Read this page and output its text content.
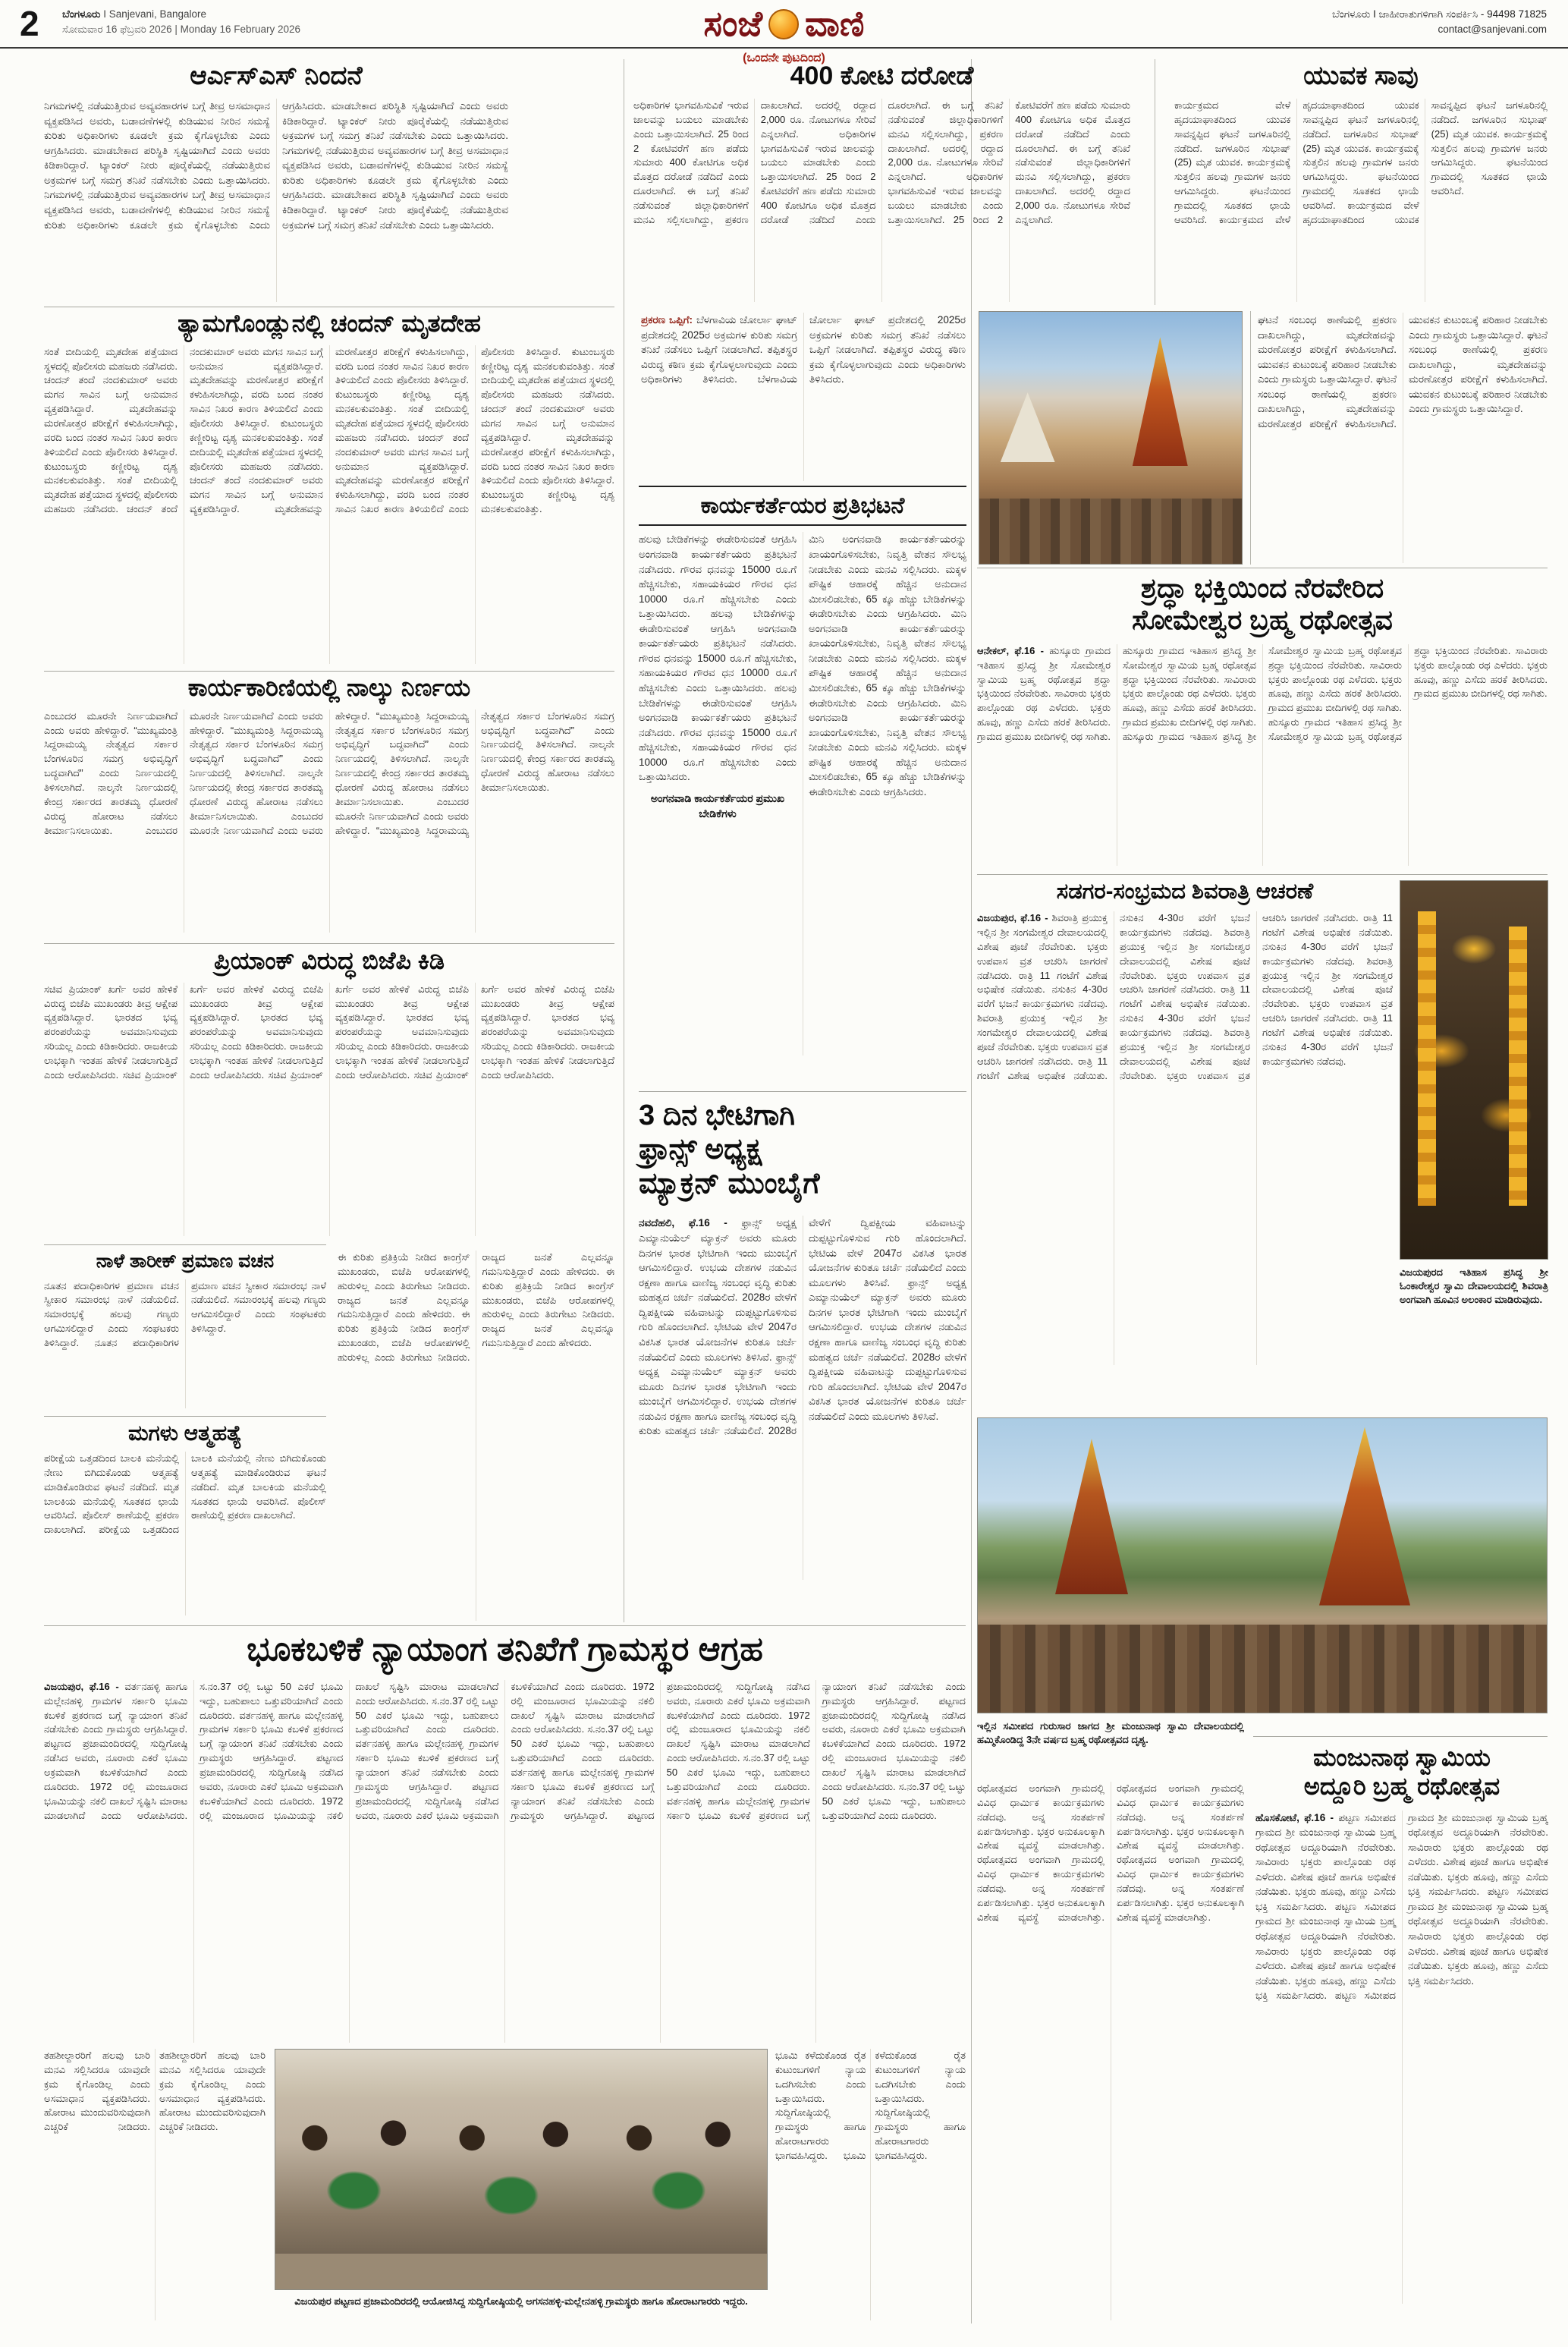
2 ಬೆಂಗಳೂರು I Sanjevani, Bangalore
ಸೋಮವಾರ 16 ಫೆಬ್ರವರಿ 2026 | Monday 16 February 2026	ಸಂಜೆ ವಾಣಿ	ಬೆಂಗಳೂರು I ಜಾಹೀರಾತುಗಳಿಗಾಗಿ ಸಂಪರ್ಕಿಸಿ - 94498 71825
contact@sanjevani.com
(ಒಂದನೇ ಪುಟದಿಂದ)
ಆರ್ಎಸ್ಎಸ್ ನಿಂದನೆ
ನಿಗಮಗಳಲ್ಲಿ ನಡೆಯುತ್ತಿರುವ ಅವ್ಯವಹಾರಗಳ ಬಗ್ಗೆ ತೀವ್ರ ಅಸಮಾಧಾನ ವ್ಯಕ್ತಪಡಿಸಿದ ಅವರು, ಬಡಾವಣೆಗಳಲ್ಲಿ ಕುಡಿಯುವ ನೀರಿನ ಸಮಸ್ಯೆ ಕುರಿತು ಅಧಿಕಾರಿಗಳು ಕೂಡಲೇ ಕ್ರಮ ಕೈಗೊಳ್ಳಬೇಕು ಎಂದು ಆಗ್ರಹಿಸಿದರು. ಮಾಡಬೇಕಾದ ಪರಿಸ್ಥಿತಿ ಸೃಷ್ಟಿಯಾಗಿದೆ ಎಂದು ಅವರು ಕಿಡಿಕಾರಿದ್ದಾರೆ. ಟ್ಯಾಂಕರ್ ನೀರು ಪೂರೈಕೆಯಲ್ಲಿ ನಡೆಯುತ್ತಿರುವ ಅಕ್ರಮಗಳ ಬಗ್ಗೆ ಸಮಗ್ರ ತನಿಖೆ ನಡೆಸಬೇಕು ಎಂದು ಒತ್ತಾಯಿಸಿದರು. ನಿಗಮಗಳಲ್ಲಿ ನಡೆಯುತ್ತಿರುವ ಅವ್ಯವಹಾರಗಳ ಬಗ್ಗೆ ತೀವ್ರ ಅಸಮಾಧಾನ ವ್ಯಕ್ತಪಡಿಸಿದ ಅವರು, ಬಡಾವಣೆಗಳಲ್ಲಿ ಕುಡಿಯುವ ನೀರಿನ ಸಮಸ್ಯೆ ಕುರಿತು ಅಧಿಕಾರಿಗಳು ಕೂಡಲೇ ಕ್ರಮ ಕೈಗೊಳ್ಳಬೇಕು ಎಂದು ಆಗ್ರಹಿಸಿದರು. ಮಾಡಬೇಕಾದ ಪರಿಸ್ಥಿತಿ ಸೃಷ್ಟಿಯಾಗಿದೆ ಎಂದು ಅವರು ಕಿಡಿಕಾರಿದ್ದಾರೆ. ಟ್ಯಾಂಕರ್ ನೀರು ಪೂರೈಕೆಯಲ್ಲಿ ನಡೆಯುತ್ತಿರುವ ಅಕ್ರಮಗಳ ಬಗ್ಗೆ ಸಮಗ್ರ ತನಿಖೆ ನಡೆಸಬೇಕು ಎಂದು ಒತ್ತಾಯಿಸಿದರು. ನಿಗಮಗಳಲ್ಲಿ ನಡೆಯುತ್ತಿರುವ ಅವ್ಯವಹಾರಗಳ ಬಗ್ಗೆ ತೀವ್ರ ಅಸಮಾಧಾನ ವ್ಯಕ್ತಪಡಿಸಿದ ಅವರು, ಬಡಾವಣೆಗಳಲ್ಲಿ ಕುಡಿಯುವ ನೀರಿನ ಸಮಸ್ಯೆ ಕುರಿತು ಅಧಿಕಾರಿಗಳು ಕೂಡಲೇ ಕ್ರಮ ಕೈಗೊಳ್ಳಬೇಕು ಎಂದು ಆಗ್ರಹಿಸಿದರು. ಮಾಡಬೇಕಾದ ಪರಿಸ್ಥಿತಿ ಸೃಷ್ಟಿಯಾಗಿದೆ ಎಂದು ಅವರು ಕಿಡಿಕಾರಿದ್ದಾರೆ. ಟ್ಯಾಂಕರ್ ನೀರು ಪೂರೈಕೆಯಲ್ಲಿ ನಡೆಯುತ್ತಿರುವ ಅಕ್ರಮಗಳ ಬಗ್ಗೆ ಸಮಗ್ರ ತನಿಖೆ ನಡೆಸಬೇಕು ಎಂದು ಒತ್ತಾಯಿಸಿದರು.
400 ಕೋಟಿ ದರೋಡೆ
ಅಧಿಕಾರಿಗಳ ಭಾಗವಹಿಸುವಿಕೆ ಇರುವ ಜಾಲವನ್ನು ಬಯಲು ಮಾಡಬೇಕು ಎಂದು ಒತ್ತಾಯಿಸಲಾಗಿದೆ. 25 ರಿಂದ 2 ಕೋಟಿವರೆಗೆ ಹಣ ಪಡೆದು ಸುಮಾರು 400 ಕೋಟಿಗೂ ಅಧಿಕ ಮೊತ್ತದ ದರೋಡೆ ನಡೆದಿದೆ ಎಂದು ದೂರಲಾಗಿದೆ. ಈ ಬಗ್ಗೆ ತನಿಖೆ ನಡೆಸುವಂತೆ ಜಿಲ್ಲಾಧಿಕಾರಿಗಳಿಗೆ ಮನವಿ ಸಲ್ಲಿಸಲಾಗಿದ್ದು, ಪ್ರಕರಣ ದಾಖಲಾಗಿದೆ. ಅದರಲ್ಲಿ ರದ್ದಾದ 2,000 ರೂ. ನೋಟುಗಳೂ ಸೇರಿವೆ ಎನ್ನಲಾಗಿದೆ. ಅಧಿಕಾರಿಗಳ ಭಾಗವಹಿಸುವಿಕೆ ಇರುವ ಜಾಲವನ್ನು ಬಯಲು ಮಾಡಬೇಕು ಎಂದು ಒತ್ತಾಯಿಸಲಾಗಿದೆ. 25 ರಿಂದ 2 ಕೋಟಿವರೆಗೆ ಹಣ ಪಡೆದು ಸುಮಾರು 400 ಕೋಟಿಗೂ ಅಧಿಕ ಮೊತ್ತದ ದರೋಡೆ ನಡೆದಿದೆ ಎಂದು ದೂರಲಾಗಿದೆ. ಈ ಬಗ್ಗೆ ತನಿಖೆ ನಡೆಸುವಂತೆ ಜಿಲ್ಲಾಧಿಕಾರಿಗಳಿಗೆ ಮನವಿ ಸಲ್ಲಿಸಲಾಗಿದ್ದು, ಪ್ರಕರಣ ದಾಖಲಾಗಿದೆ. ಅದರಲ್ಲಿ ರದ್ದಾದ 2,000 ರೂ. ನೋಟುಗಳೂ ಸೇರಿವೆ ಎನ್ನಲಾಗಿದೆ. ಅಧಿಕಾರಿಗಳ ಭಾಗವಹಿಸುವಿಕೆ ಇರುವ ಜಾಲವನ್ನು ಬಯಲು ಮಾಡಬೇಕು ಎಂದು ಒತ್ತಾಯಿಸಲಾಗಿದೆ. 25 ರಿಂದ 2 ಕೋಟಿವರೆಗೆ ಹಣ ಪಡೆದು ಸುಮಾರು 400 ಕೋಟಿಗೂ ಅಧಿಕ ಮೊತ್ತದ ದರೋಡೆ ನಡೆದಿದೆ ಎಂದು ದೂರಲಾಗಿದೆ. ಈ ಬಗ್ಗೆ ತನಿಖೆ ನಡೆಸುವಂತೆ ಜಿಲ್ಲಾಧಿಕಾರಿಗಳಿಗೆ ಮನವಿ ಸಲ್ಲಿಸಲಾಗಿದ್ದು, ಪ್ರಕರಣ ದಾಖಲಾಗಿದೆ. ಅದರಲ್ಲಿ ರದ್ದಾದ 2,000 ರೂ. ನೋಟುಗಳೂ ಸೇರಿವೆ ಎನ್ನಲಾಗಿದೆ.
ಯುವಕ ಸಾವು
ಕಾರ್ಯಕ್ರಮದ ವೇಳೆ ಹೃದಯಾಘಾತದಿಂದ ಯುವಕ ಸಾವನ್ನಪ್ಪಿದ ಘಟನೆ ಜಗಳೂರಿನಲ್ಲಿ ನಡೆದಿದೆ. ಜಗಳೂರಿನ ಸುಭಾಷ್ (25) ಮೃತ ಯುವಕ. ಕಾರ್ಯಕ್ರಮಕ್ಕೆ ಸುತ್ತಲಿನ ಹಲವು ಗ್ರಾಮಗಳ ಜನರು ಆಗಮಿಸಿದ್ದರು. ಘಟನೆಯಿಂದ ಗ್ರಾಮದಲ್ಲಿ ಸೂತಕದ ಛಾಯೆ ಆವರಿಸಿದೆ. ಕಾರ್ಯಕ್ರಮದ ವೇಳೆ ಹೃದಯಾಘಾತದಿಂದ ಯುವಕ ಸಾವನ್ನಪ್ಪಿದ ಘಟನೆ ಜಗಳೂರಿನಲ್ಲಿ ನಡೆದಿದೆ. ಜಗಳೂರಿನ ಸುಭಾಷ್ (25) ಮೃತ ಯುವಕ. ಕಾರ್ಯಕ್ರಮಕ್ಕೆ ಸುತ್ತಲಿನ ಹಲವು ಗ್ರಾಮಗಳ ಜನರು ಆಗಮಿಸಿದ್ದರು. ಘಟನೆಯಿಂದ ಗ್ರಾಮದಲ್ಲಿ ಸೂತಕದ ಛಾಯೆ ಆವರಿಸಿದೆ. ಕಾರ್ಯಕ್ರಮದ ವೇಳೆ ಹೃದಯಾಘಾತದಿಂದ ಯುವಕ ಸಾವನ್ನಪ್ಪಿದ ಘಟನೆ ಜಗಳೂರಿನಲ್ಲಿ ನಡೆದಿದೆ. ಜಗಳೂರಿನ ಸುಭಾಷ್ (25) ಮೃತ ಯುವಕ. ಕಾರ್ಯಕ್ರಮಕ್ಕೆ ಸುತ್ತಲಿನ ಹಲವು ಗ್ರಾಮಗಳ ಜನರು ಆಗಮಿಸಿದ್ದರು. ಘಟನೆಯಿಂದ ಗ್ರಾಮದಲ್ಲಿ ಸೂತಕದ ಛಾಯೆ ಆವರಿಸಿದೆ.
ಪ್ರಕರಣ ಒಪ್ಪಿಗೆ: ಬೆಳಗಾವಿಯ ಚೋರ್ಲಾ ಘಾಟ್ ಪ್ರದೇಶದಲ್ಲಿ 2025ರ ಅಕ್ರಮಗಳ ಕುರಿತು ಸಮಗ್ರ ತನಿಖೆ ನಡೆಸಲು ಒಪ್ಪಿಗೆ ನೀಡಲಾಗಿದೆ. ತಪ್ಪಿತಸ್ಥರ ವಿರುದ್ಧ ಕಠಿಣ ಕ್ರಮ ಕೈಗೊಳ್ಳಲಾಗುವುದು ಎಂದು ಅಧಿಕಾರಿಗಳು ತಿಳಿಸಿದರು. ಬೆಳಗಾವಿಯ ಚೋರ್ಲಾ ಘಾಟ್ ಪ್ರದೇಶದಲ್ಲಿ 2025ರ ಅಕ್ರಮಗಳ ಕುರಿತು ಸಮಗ್ರ ತನಿಖೆ ನಡೆಸಲು ಒಪ್ಪಿಗೆ ನೀಡಲಾಗಿದೆ. ತಪ್ಪಿತಸ್ಥರ ವಿರುದ್ಧ ಕಠಿಣ ಕ್ರಮ ಕೈಗೊಳ್ಳಲಾಗುವುದು ಎಂದು ಅಧಿಕಾರಿಗಳು ತಿಳಿಸಿದರು.
ಘಟನೆ ಸಂಬಂಧ ಠಾಣೆಯಲ್ಲಿ ಪ್ರಕರಣ ದಾಖಲಾಗಿದ್ದು, ಮೃತದೇಹವನ್ನು ಮರಣೋತ್ತರ ಪರೀಕ್ಷೆಗೆ ಕಳುಹಿಸಲಾಗಿದೆ. ಯುವಕನ ಕುಟುಂಬಕ್ಕೆ ಪರಿಹಾರ ನೀಡಬೇಕು ಎಂದು ಗ್ರಾಮಸ್ಥರು ಒತ್ತಾಯಿಸಿದ್ದಾರೆ. ಘಟನೆ ಸಂಬಂಧ ಠಾಣೆಯಲ್ಲಿ ಪ್ರಕರಣ ದಾಖಲಾಗಿದ್ದು, ಮೃತದೇಹವನ್ನು ಮರಣೋತ್ತರ ಪರೀಕ್ಷೆಗೆ ಕಳುಹಿಸಲಾಗಿದೆ. ಯುವಕನ ಕುಟುಂಬಕ್ಕೆ ಪರಿಹಾರ ನೀಡಬೇಕು ಎಂದು ಗ್ರಾಮಸ್ಥರು ಒತ್ತಾಯಿಸಿದ್ದಾರೆ. ಘಟನೆ ಸಂಬಂಧ ಠಾಣೆಯಲ್ಲಿ ಪ್ರಕರಣ ದಾಖಲಾಗಿದ್ದು, ಮೃತದೇಹವನ್ನು ಮರಣೋತ್ತರ ಪರೀಕ್ಷೆಗೆ ಕಳುಹಿಸಲಾಗಿದೆ. ಯುವಕನ ಕುಟುಂಬಕ್ಕೆ ಪರಿಹಾರ ನೀಡಬೇಕು ಎಂದು ಗ್ರಾಮಸ್ಥರು ಒತ್ತಾಯಿಸಿದ್ದಾರೆ.
ತ್ಯಾಮಗೊಂಡ್ಲುನಲ್ಲಿ ಚಂದನ್ ಮೃತದೇಹ
ಸಂತೆ ಬೀದಿಯಲ್ಲಿ ಮೃತದೇಹ ಪತ್ತೆಯಾದ ಸ್ಥಳದಲ್ಲಿ ಪೊಲೀಸರು ಮಹಜರು ನಡೆಸಿದರು. ಚಂದನ್ ತಂದೆ ನಂದಕುಮಾರ್ ಅವರು ಮಗನ ಸಾವಿನ ಬಗ್ಗೆ ಅನುಮಾನ ವ್ಯಕ್ತಪಡಿಸಿದ್ದಾರೆ. ಮೃತದೇಹವನ್ನು ಮರಣೋತ್ತರ ಪರೀಕ್ಷೆಗೆ ಕಳುಹಿಸಲಾಗಿದ್ದು, ವರದಿ ಬಂದ ನಂತರ ಸಾವಿನ ನಿಖರ ಕಾರಣ ತಿಳಿಯಲಿದೆ ಎಂದು ಪೊಲೀಸರು ತಿಳಿಸಿದ್ದಾರೆ. ಕುಟುಂಬಸ್ಥರು ಕಣ್ಣೀರಿಟ್ಟ ದೃಶ್ಯ ಮನಕಲಕುವಂತಿತ್ತು. ಸಂತೆ ಬೀದಿಯಲ್ಲಿ ಮೃತದೇಹ ಪತ್ತೆಯಾದ ಸ್ಥಳದಲ್ಲಿ ಪೊಲೀಸರು ಮಹಜರು ನಡೆಸಿದರು. ಚಂದನ್ ತಂದೆ ನಂದಕುಮಾರ್ ಅವರು ಮಗನ ಸಾವಿನ ಬಗ್ಗೆ ಅನುಮಾನ ವ್ಯಕ್ತಪಡಿಸಿದ್ದಾರೆ. ಮೃತದೇಹವನ್ನು ಮರಣೋತ್ತರ ಪರೀಕ್ಷೆಗೆ ಕಳುಹಿಸಲಾಗಿದ್ದು, ವರದಿ ಬಂದ ನಂತರ ಸಾವಿನ ನಿಖರ ಕಾರಣ ತಿಳಿಯಲಿದೆ ಎಂದು ಪೊಲೀಸರು ತಿಳಿಸಿದ್ದಾರೆ. ಕುಟುಂಬಸ್ಥರು ಕಣ್ಣೀರಿಟ್ಟ ದೃಶ್ಯ ಮನಕಲಕುವಂತಿತ್ತು. ಸಂತೆ ಬೀದಿಯಲ್ಲಿ ಮೃತದೇಹ ಪತ್ತೆಯಾದ ಸ್ಥಳದಲ್ಲಿ ಪೊಲೀಸರು ಮಹಜರು ನಡೆಸಿದರು. ಚಂದನ್ ತಂದೆ ನಂದಕುಮಾರ್ ಅವರು ಮಗನ ಸಾವಿನ ಬಗ್ಗೆ ಅನುಮಾನ ವ್ಯಕ್ತಪಡಿಸಿದ್ದಾರೆ. ಮೃತದೇಹವನ್ನು ಮರಣೋತ್ತರ ಪರೀಕ್ಷೆಗೆ ಕಳುಹಿಸಲಾಗಿದ್ದು, ವರದಿ ಬಂದ ನಂತರ ಸಾವಿನ ನಿಖರ ಕಾರಣ ತಿಳಿಯಲಿದೆ ಎಂದು ಪೊಲೀಸರು ತಿಳಿಸಿದ್ದಾರೆ. ಕುಟುಂಬಸ್ಥರು ಕಣ್ಣೀರಿಟ್ಟ ದೃಶ್ಯ ಮನಕಲಕುವಂತಿತ್ತು. ಸಂತೆ ಬೀದಿಯಲ್ಲಿ ಮೃತದೇಹ ಪತ್ತೆಯಾದ ಸ್ಥಳದಲ್ಲಿ ಪೊಲೀಸರು ಮಹಜರು ನಡೆಸಿದರು. ಚಂದನ್ ತಂದೆ ನಂದಕುಮಾರ್ ಅವರು ಮಗನ ಸಾವಿನ ಬಗ್ಗೆ ಅನುಮಾನ ವ್ಯಕ್ತಪಡಿಸಿದ್ದಾರೆ. ಮೃತದೇಹವನ್ನು ಮರಣೋತ್ತರ ಪರೀಕ್ಷೆಗೆ ಕಳುಹಿಸಲಾಗಿದ್ದು, ವರದಿ ಬಂದ ನಂತರ ಸಾವಿನ ನಿಖರ ಕಾರಣ ತಿಳಿಯಲಿದೆ ಎಂದು ಪೊಲೀಸರು ತಿಳಿಸಿದ್ದಾರೆ. ಕುಟುಂಬಸ್ಥರು ಕಣ್ಣೀರಿಟ್ಟ ದೃಶ್ಯ ಮನಕಲಕುವಂತಿತ್ತು. ಸಂತೆ ಬೀದಿಯಲ್ಲಿ ಮೃತದೇಹ ಪತ್ತೆಯಾದ ಸ್ಥಳದಲ್ಲಿ ಪೊಲೀಸರು ಮಹಜರು ನಡೆಸಿದರು. ಚಂದನ್ ತಂದೆ ನಂದಕುಮಾರ್ ಅವರು ಮಗನ ಸಾವಿನ ಬಗ್ಗೆ ಅನುಮಾನ ವ್ಯಕ್ತಪಡಿಸಿದ್ದಾರೆ. ಮೃತದೇಹವನ್ನು ಮರಣೋತ್ತರ ಪರೀಕ್ಷೆಗೆ ಕಳುಹಿಸಲಾಗಿದ್ದು, ವರದಿ ಬಂದ ನಂತರ ಸಾವಿನ ನಿಖರ ಕಾರಣ ತಿಳಿಯಲಿದೆ ಎಂದು ಪೊಲೀಸರು ತಿಳಿಸಿದ್ದಾರೆ. ಕುಟುಂಬಸ್ಥರು ಕಣ್ಣೀರಿಟ್ಟ ದೃಶ್ಯ ಮನಕಲಕುವಂತಿತ್ತು.	ಕಾರ್ಯಕರ್ತೆಯರ ಪ್ರತಿಭಟನೆ
ಹಲವು ಬೇಡಿಕೆಗಳನ್ನು ಈಡೇರಿಸುವಂತೆ ಆಗ್ರಹಿಸಿ ಅಂಗನವಾಡಿ ಕಾರ್ಯಕರ್ತೆಯರು ಪ್ರತಿಭಟನೆ ನಡೆಸಿದರು. ಗೌರವ ಧನವನ್ನು 15000 ರೂ.ಗೆ ಹೆಚ್ಚಿಸಬೇಕು, ಸಹಾಯಕಿಯರ ಗೌರವ ಧನ 10000 ರೂ.ಗೆ ಹೆಚ್ಚಿಸಬೇಕು ಎಂದು ಒತ್ತಾಯಿಸಿದರು. ಹಲವು ಬೇಡಿಕೆಗಳನ್ನು ಈಡೇರಿಸುವಂತೆ ಆಗ್ರಹಿಸಿ ಅಂಗನವಾಡಿ ಕಾರ್ಯಕರ್ತೆಯರು ಪ್ರತಿಭಟನೆ ನಡೆಸಿದರು. ಗೌರವ ಧನವನ್ನು 15000 ರೂ.ಗೆ ಹೆಚ್ಚಿಸಬೇಕು, ಸಹಾಯಕಿಯರ ಗೌರವ ಧನ 10000 ರೂ.ಗೆ ಹೆಚ್ಚಿಸಬೇಕು ಎಂದು ಒತ್ತಾಯಿಸಿದರು. ಹಲವು ಬೇಡಿಕೆಗಳನ್ನು ಈಡೇರಿಸುವಂತೆ ಆಗ್ರಹಿಸಿ ಅಂಗನವಾಡಿ ಕಾರ್ಯಕರ್ತೆಯರು ಪ್ರತಿಭಟನೆ ನಡೆಸಿದರು. ಗೌರವ ಧನವನ್ನು 15000 ರೂ.ಗೆ ಹೆಚ್ಚಿಸಬೇಕು, ಸಹಾಯಕಿಯರ ಗೌರವ ಧನ 10000 ರೂ.ಗೆ ಹೆಚ್ಚಿಸಬೇಕು ಎಂದು ಒತ್ತಾಯಿಸಿದರು.
ಅಂಗನವಾಡಿ ಕಾರ್ಯಕರ್ತೆಯರ ಪ್ರಮುಖ ಬೇಡಿಕೆಗಳು
ಮಿನಿ ಅಂಗನವಾಡಿ ಕಾರ್ಯಕರ್ತೆಯರನ್ನು ಖಾಯಂಗೊಳಿಸಬೇಕು, ನಿವೃತ್ತಿ ವೇತನ ಸೌಲಭ್ಯ ನೀಡಬೇಕು ಎಂದು ಮನವಿ ಸಲ್ಲಿಸಿದರು. ಮಕ್ಕಳ ಪೌಷ್ಟಿಕ ಆಹಾರಕ್ಕೆ ಹೆಚ್ಚಿನ ಅನುದಾನ ಮೀಸಲಿಡಬೇಕು, 65 ಕ್ಕೂ ಹೆಚ್ಚು ಬೇಡಿಕೆಗಳನ್ನು ಈಡೇರಿಸಬೇಕು ಎಂದು ಆಗ್ರಹಿಸಿದರು. ಮಿನಿ ಅಂಗನವಾಡಿ ಕಾರ್ಯಕರ್ತೆಯರನ್ನು ಖಾಯಂಗೊಳಿಸಬೇಕು, ನಿವೃತ್ತಿ ವೇತನ ಸೌಲಭ್ಯ ನೀಡಬೇಕು ಎಂದು ಮನವಿ ಸಲ್ಲಿಸಿದರು. ಮಕ್ಕಳ ಪೌಷ್ಟಿಕ ಆಹಾರಕ್ಕೆ ಹೆಚ್ಚಿನ ಅನುದಾನ ಮೀಸಲಿಡಬೇಕು, 65 ಕ್ಕೂ ಹೆಚ್ಚು ಬೇಡಿಕೆಗಳನ್ನು ಈಡೇರಿಸಬೇಕು ಎಂದು ಆಗ್ರಹಿಸಿದರು. ಮಿನಿ ಅಂಗನವಾಡಿ ಕಾರ್ಯಕರ್ತೆಯರನ್ನು ಖಾಯಂಗೊಳಿಸಬೇಕು, ನಿವೃತ್ತಿ ವೇತನ ಸೌಲಭ್ಯ ನೀಡಬೇಕು ಎಂದು ಮನವಿ ಸಲ್ಲಿಸಿದರು. ಮಕ್ಕಳ ಪೌಷ್ಟಿಕ ಆಹಾರಕ್ಕೆ ಹೆಚ್ಚಿನ ಅನುದಾನ ಮೀಸಲಿಡಬೇಕು, 65 ಕ್ಕೂ ಹೆಚ್ಚು ಬೇಡಿಕೆಗಳನ್ನು ಈಡೇರಿಸಬೇಕು ಎಂದು ಆಗ್ರಹಿಸಿದರು.
ಶ್ರದ್ಧಾ ಭಕ್ತಿಯಿಂದ ನೆರವೇರಿದ
ಸೋಮೇಶ್ವರ ಬ್ರಹ್ಮ ರಥೋತ್ಸವ
ಆನೇಕಲ್, ಫೆ.16 - ಹುಸ್ಕೂರು ಗ್ರಾಮದ ಇತಿಹಾಸ ಪ್ರಸಿದ್ಧ ಶ್ರೀ ಸೋಮೇಶ್ವರ ಸ್ವಾಮಿಯ ಬ್ರಹ್ಮ ರಥೋತ್ಸವ ಶ್ರದ್ಧಾ ಭಕ್ತಿಯಿಂದ ನೆರವೇರಿತು. ಸಾವಿರಾರು ಭಕ್ತರು ಪಾಲ್ಗೊಂಡು ರಥ ಎಳೆದರು. ಭಕ್ತರು ಹೂವು, ಹಣ್ಣು ಎಸೆದು ಹರಕೆ ತೀರಿಸಿದರು. ಗ್ರಾಮದ ಪ್ರಮುಖ ಬೀದಿಗಳಲ್ಲಿ ರಥ ಸಾಗಿತು. ಹುಸ್ಕೂರು ಗ್ರಾಮದ ಇತಿಹಾಸ ಪ್ರಸಿದ್ಧ ಶ್ರೀ ಸೋಮೇಶ್ವರ ಸ್ವಾಮಿಯ ಬ್ರಹ್ಮ ರಥೋತ್ಸವ ಶ್ರದ್ಧಾ ಭಕ್ತಿಯಿಂದ ನೆರವೇರಿತು. ಸಾವಿರಾರು ಭಕ್ತರು ಪಾಲ್ಗೊಂಡು ರಥ ಎಳೆದರು. ಭಕ್ತರು ಹೂವು, ಹಣ್ಣು ಎಸೆದು ಹರಕೆ ತೀರಿಸಿದರು. ಗ್ರಾಮದ ಪ್ರಮುಖ ಬೀದಿಗಳಲ್ಲಿ ರಥ ಸಾಗಿತು. ಹುಸ್ಕೂರು ಗ್ರಾಮದ ಇತಿಹಾಸ ಪ್ರಸಿದ್ಧ ಶ್ರೀ ಸೋಮೇಶ್ವರ ಸ್ವಾಮಿಯ ಬ್ರಹ್ಮ ರಥೋತ್ಸವ ಶ್ರದ್ಧಾ ಭಕ್ತಿಯಿಂದ ನೆರವೇರಿತು. ಸಾವಿರಾರು ಭಕ್ತರು ಪಾಲ್ಗೊಂಡು ರಥ ಎಳೆದರು. ಭಕ್ತರು ಹೂವು, ಹಣ್ಣು ಎಸೆದು ಹರಕೆ ತೀರಿಸಿದರು. ಗ್ರಾಮದ ಪ್ರಮುಖ ಬೀದಿಗಳಲ್ಲಿ ರಥ ಸಾಗಿತು. ಹುಸ್ಕೂರು ಗ್ರಾಮದ ಇತಿಹಾಸ ಪ್ರಸಿದ್ಧ ಶ್ರೀ ಸೋಮೇಶ್ವರ ಸ್ವಾಮಿಯ ಬ್ರಹ್ಮ ರಥೋತ್ಸವ ಶ್ರದ್ಧಾ ಭಕ್ತಿಯಿಂದ ನೆರವೇರಿತು. ಸಾವಿರಾರು ಭಕ್ತರು ಪಾಲ್ಗೊಂಡು ರಥ ಎಳೆದರು. ಭಕ್ತರು ಹೂವು, ಹಣ್ಣು ಎಸೆದು ಹರಕೆ ತೀರಿಸಿದರು. ಗ್ರಾಮದ ಪ್ರಮುಖ ಬೀದಿಗಳಲ್ಲಿ ರಥ ಸಾಗಿತು.
ಕಾರ್ಯಕಾರಿಣಿಯಲ್ಲಿ ನಾಲ್ಕು ನಿರ್ಣಯ
ಎಂಬುದರ ಮೂರನೇ ನಿರ್ಣಯವಾಗಿದೆ ಎಂದು ಅವರು ಹೇಳಿದ್ದಾರೆ. “ಮುಖ್ಯಮಂತ್ರಿ ಸಿದ್ದರಾಮಯ್ಯ ನೇತೃತ್ವದ ಸರ್ಕಾರ ಬೆಂಗಳೂರಿನ ಸಮಗ್ರ ಅಭಿವೃದ್ಧಿಗೆ ಬದ್ಧವಾಗಿದೆ” ಎಂದು ನಿರ್ಣಯದಲ್ಲಿ ತಿಳಿಸಲಾಗಿದೆ. ನಾಲ್ಕನೇ ನಿರ್ಣಯದಲ್ಲಿ ಕೇಂದ್ರ ಸರ್ಕಾರದ ತಾರತಮ್ಯ ಧೋರಣೆ ವಿರುದ್ಧ ಹೋರಾಟ ನಡೆಸಲು ತೀರ್ಮಾನಿಸಲಾಯಿತು. ಎಂಬುದರ ಮೂರನೇ ನಿರ್ಣಯವಾಗಿದೆ ಎಂದು ಅವರು ಹೇಳಿದ್ದಾರೆ. “ಮುಖ್ಯಮಂತ್ರಿ ಸಿದ್ದರಾಮಯ್ಯ ನೇತೃತ್ವದ ಸರ್ಕಾರ ಬೆಂಗಳೂರಿನ ಸಮಗ್ರ ಅಭಿವೃದ್ಧಿಗೆ ಬದ್ಧವಾಗಿದೆ” ಎಂದು ನಿರ್ಣಯದಲ್ಲಿ ತಿಳಿಸಲಾಗಿದೆ. ನಾಲ್ಕನೇ ನಿರ್ಣಯದಲ್ಲಿ ಕೇಂದ್ರ ಸರ್ಕಾರದ ತಾರತಮ್ಯ ಧೋರಣೆ ವಿರುದ್ಧ ಹೋರಾಟ ನಡೆಸಲು ತೀರ್ಮಾನಿಸಲಾಯಿತು. ಎಂಬುದರ ಮೂರನೇ ನಿರ್ಣಯವಾಗಿದೆ ಎಂದು ಅವರು ಹೇಳಿದ್ದಾರೆ. “ಮುಖ್ಯಮಂತ್ರಿ ಸಿದ್ದರಾಮಯ್ಯ ನೇತೃತ್ವದ ಸರ್ಕಾರ ಬೆಂಗಳೂರಿನ ಸಮಗ್ರ ಅಭಿವೃದ್ಧಿಗೆ ಬದ್ಧವಾಗಿದೆ” ಎಂದು ನಿರ್ಣಯದಲ್ಲಿ ತಿಳಿಸಲಾಗಿದೆ. ನಾಲ್ಕನೇ ನಿರ್ಣಯದಲ್ಲಿ ಕೇಂದ್ರ ಸರ್ಕಾರದ ತಾರತಮ್ಯ ಧೋರಣೆ ವಿರುದ್ಧ ಹೋರಾಟ ನಡೆಸಲು ತೀರ್ಮಾನಿಸಲಾಯಿತು. ಎಂಬುದರ ಮೂರನೇ ನಿರ್ಣಯವಾಗಿದೆ ಎಂದು ಅವರು ಹೇಳಿದ್ದಾರೆ. “ಮುಖ್ಯಮಂತ್ರಿ ಸಿದ್ದರಾಮಯ್ಯ ನೇತೃತ್ವದ ಸರ್ಕಾರ ಬೆಂಗಳೂರಿನ ಸಮಗ್ರ ಅಭಿವೃದ್ಧಿಗೆ ಬದ್ಧವಾಗಿದೆ” ಎಂದು ನಿರ್ಣಯದಲ್ಲಿ ತಿಳಿಸಲಾಗಿದೆ. ನಾಲ್ಕನೇ ನಿರ್ಣಯದಲ್ಲಿ ಕೇಂದ್ರ ಸರ್ಕಾರದ ತಾರತಮ್ಯ ಧೋರಣೆ ವಿರುದ್ಧ ಹೋರಾಟ ನಡೆಸಲು ತೀರ್ಮಾನಿಸಲಾಯಿತು.
ಸಡಗರ-ಸಂಭ್ರಮದ ಶಿವರಾತ್ರಿ ಆಚರಣೆ
ವಿಜಯಪುರ, ಫೆ.16 - ಶಿವರಾತ್ರಿ ಪ್ರಯುಕ್ತ ಇಲ್ಲಿನ ಶ್ರೀ ಸಂಗಮೇಶ್ವರ ದೇವಾಲಯದಲ್ಲಿ ವಿಶೇಷ ಪೂಜೆ ನೆರವೇರಿತು. ಭಕ್ತರು ಉಪವಾಸ ವ್ರತ ಆಚರಿಸಿ ಜಾಗರಣೆ ನಡೆಸಿದರು. ರಾತ್ರಿ 11 ಗಂಟೆಗೆ ವಿಶೇಷ ಅಭಿಷೇಕ ನಡೆಯಿತು. ನಸುಕಿನ 4-30ರ ವರೆಗೆ ಭಜನೆ ಕಾರ್ಯಕ್ರಮಗಳು ನಡೆದವು. ಶಿವರಾತ್ರಿ ಪ್ರಯುಕ್ತ ಇಲ್ಲಿನ ಶ್ರೀ ಸಂಗಮೇಶ್ವರ ದೇವಾಲಯದಲ್ಲಿ ವಿಶೇಷ ಪೂಜೆ ನೆರವೇರಿತು. ಭಕ್ತರು ಉಪವಾಸ ವ್ರತ ಆಚರಿಸಿ ಜಾಗರಣೆ ನಡೆಸಿದರು. ರಾತ್ರಿ 11 ಗಂಟೆಗೆ ವಿಶೇಷ ಅಭಿಷೇಕ ನಡೆಯಿತು. ನಸುಕಿನ 4-30ರ ವರೆಗೆ ಭಜನೆ ಕಾರ್ಯಕ್ರಮಗಳು ನಡೆದವು. ಶಿವರಾತ್ರಿ ಪ್ರಯುಕ್ತ ಇಲ್ಲಿನ ಶ್ರೀ ಸಂಗಮೇಶ್ವರ ದೇವಾಲಯದಲ್ಲಿ ವಿಶೇಷ ಪೂಜೆ ನೆರವೇರಿತು. ಭಕ್ತರು ಉಪವಾಸ ವ್ರತ ಆಚರಿಸಿ ಜಾಗರಣೆ ನಡೆಸಿದರು. ರಾತ್ರಿ 11 ಗಂಟೆಗೆ ವಿಶೇಷ ಅಭಿಷೇಕ ನಡೆಯಿತು. ನಸುಕಿನ 4-30ರ ವರೆಗೆ ಭಜನೆ ಕಾರ್ಯಕ್ರಮಗಳು ನಡೆದವು. ಶಿವರಾತ್ರಿ ಪ್ರಯುಕ್ತ ಇಲ್ಲಿನ ಶ್ರೀ ಸಂಗಮೇಶ್ವರ ದೇವಾಲಯದಲ್ಲಿ ವಿಶೇಷ ಪೂಜೆ ನೆರವೇರಿತು. ಭಕ್ತರು ಉಪವಾಸ ವ್ರತ ಆಚರಿಸಿ ಜಾಗರಣೆ ನಡೆಸಿದರು. ರಾತ್ರಿ 11 ಗಂಟೆಗೆ ವಿಶೇಷ ಅಭಿಷೇಕ ನಡೆಯಿತು. ನಸುಕಿನ 4-30ರ ವರೆಗೆ ಭಜನೆ ಕಾರ್ಯಕ್ರಮಗಳು ನಡೆದವು. ಶಿವರಾತ್ರಿ ಪ್ರಯುಕ್ತ ಇಲ್ಲಿನ ಶ್ರೀ ಸಂಗಮೇಶ್ವರ ದೇವಾಲಯದಲ್ಲಿ ವಿಶೇಷ ಪೂಜೆ ನೆರವೇರಿತು. ಭಕ್ತರು ಉಪವಾಸ ವ್ರತ ಆಚರಿಸಿ ಜಾಗರಣೆ ನಡೆಸಿದರು. ರಾತ್ರಿ 11 ಗಂಟೆಗೆ ವಿಶೇಷ ಅಭಿಷೇಕ ನಡೆಯಿತು. ನಸುಕಿನ 4-30ರ ವರೆಗೆ ಭಜನೆ ಕಾರ್ಯಕ್ರಮಗಳು ನಡೆದವು.
ವಿಜಯಪುರದ ಇತಿಹಾಸ ಪ್ರಸಿದ್ಧ ಶ್ರೀ ಓಂಕಾರೇಶ್ವರ ಸ್ವಾಮಿ ದೇವಾಲಯದಲ್ಲಿ ಶಿವರಾತ್ರಿ ಅಂಗವಾಗಿ ಹೂವಿನ ಅಲಂಕಾರ ಮಾಡಿರುವುದು.
ಪ್ರಿಯಾಂಕ್ ವಿರುದ್ಧ ಬಿಜೆಪಿ ಕಿಡಿ
ಸಚಿವ ಪ್ರಿಯಾಂಕ್ ಖರ್ಗೆ ಅವರ ಹೇಳಿಕೆ ವಿರುದ್ಧ ಬಿಜೆಪಿ ಮುಖಂಡರು ತೀವ್ರ ಆಕ್ಷೇಪ ವ್ಯಕ್ತಪಡಿಸಿದ್ದಾರೆ. ಭಾರತದ ಭವ್ಯ ಪರಂಪರೆಯನ್ನು ಅವಮಾನಿಸುವುದು ಸರಿಯಲ್ಲ ಎಂದು ಕಿಡಿಕಾರಿದರು. ರಾಜಕೀಯ ಲಾಭಕ್ಕಾಗಿ ಇಂತಹ ಹೇಳಿಕೆ ನೀಡಲಾಗುತ್ತಿದೆ ಎಂದು ಆರೋಪಿಸಿದರು. ಸಚಿವ ಪ್ರಿಯಾಂಕ್ ಖರ್ಗೆ ಅವರ ಹೇಳಿಕೆ ವಿರುದ್ಧ ಬಿಜೆಪಿ ಮುಖಂಡರು ತೀವ್ರ ಆಕ್ಷೇಪ ವ್ಯಕ್ತಪಡಿಸಿದ್ದಾರೆ. ಭಾರತದ ಭವ್ಯ ಪರಂಪರೆಯನ್ನು ಅವಮಾನಿಸುವುದು ಸರಿಯಲ್ಲ ಎಂದು ಕಿಡಿಕಾರಿದರು. ರಾಜಕೀಯ ಲಾಭಕ್ಕಾಗಿ ಇಂತಹ ಹೇಳಿಕೆ ನೀಡಲಾಗುತ್ತಿದೆ ಎಂದು ಆರೋಪಿಸಿದರು. ಸಚಿವ ಪ್ರಿಯಾಂಕ್ ಖರ್ಗೆ ಅವರ ಹೇಳಿಕೆ ವಿರುದ್ಧ ಬಿಜೆಪಿ ಮುಖಂಡರು ತೀವ್ರ ಆಕ್ಷೇಪ ವ್ಯಕ್ತಪಡಿಸಿದ್ದಾರೆ. ಭಾರತದ ಭವ್ಯ ಪರಂಪರೆಯನ್ನು ಅವಮಾನಿಸುವುದು ಸರಿಯಲ್ಲ ಎಂದು ಕಿಡಿಕಾರಿದರು. ರಾಜಕೀಯ ಲಾಭಕ್ಕಾಗಿ ಇಂತಹ ಹೇಳಿಕೆ ನೀಡಲಾಗುತ್ತಿದೆ ಎಂದು ಆರೋಪಿಸಿದರು. ಸಚಿವ ಪ್ರಿಯಾಂಕ್ ಖರ್ಗೆ ಅವರ ಹೇಳಿಕೆ ವಿರುದ್ಧ ಬಿಜೆಪಿ ಮುಖಂಡರು ತೀವ್ರ ಆಕ್ಷೇಪ ವ್ಯಕ್ತಪಡಿಸಿದ್ದಾರೆ. ಭಾರತದ ಭವ್ಯ ಪರಂಪರೆಯನ್ನು ಅವಮಾನಿಸುವುದು ಸರಿಯಲ್ಲ ಎಂದು ಕಿಡಿಕಾರಿದರು. ರಾಜಕೀಯ ಲಾಭಕ್ಕಾಗಿ ಇಂತಹ ಹೇಳಿಕೆ ನೀಡಲಾಗುತ್ತಿದೆ ಎಂದು ಆರೋಪಿಸಿದರು.
ಈ ಕುರಿತು ಪ್ರತಿಕ್ರಿಯೆ ನೀಡಿದ ಕಾಂಗ್ರೆಸ್ ಮುಖಂಡರು, ಬಿಜೆಪಿ ಆರೋಪಗಳಲ್ಲಿ ಹುರುಳಿಲ್ಲ ಎಂದು ತಿರುಗೇಟು ನೀಡಿದರು. ರಾಜ್ಯದ ಜನತೆ ಎಲ್ಲವನ್ನೂ ಗಮನಿಸುತ್ತಿದ್ದಾರೆ ಎಂದು ಹೇಳಿದರು. ಈ ಕುರಿತು ಪ್ರತಿಕ್ರಿಯೆ ನೀಡಿದ ಕಾಂಗ್ರೆಸ್ ಮುಖಂಡರು, ಬಿಜೆಪಿ ಆರೋಪಗಳಲ್ಲಿ ಹುರುಳಿಲ್ಲ ಎಂದು ತಿರುಗೇಟು ನೀಡಿದರು. ರಾಜ್ಯದ ಜನತೆ ಎಲ್ಲವನ್ನೂ ಗಮನಿಸುತ್ತಿದ್ದಾರೆ ಎಂದು ಹೇಳಿದರು. ಈ ಕುರಿತು ಪ್ರತಿಕ್ರಿಯೆ ನೀಡಿದ ಕಾಂಗ್ರೆಸ್ ಮುಖಂಡರು, ಬಿಜೆಪಿ ಆರೋಪಗಳಲ್ಲಿ ಹುರುಳಿಲ್ಲ ಎಂದು ತಿರುಗೇಟು ನೀಡಿದರು. ರಾಜ್ಯದ ಜನತೆ ಎಲ್ಲವನ್ನೂ ಗಮನಿಸುತ್ತಿದ್ದಾರೆ ಎಂದು ಹೇಳಿದರು.
ನಾಳೆ ತಾರೀಕ್ ಪ್ರಮಾಣ ವಚನ
ನೂತನ ಪದಾಧಿಕಾರಿಗಳ ಪ್ರಮಾಣ ವಚನ ಸ್ವೀಕಾರ ಸಮಾರಂಭ ನಾಳೆ ನಡೆಯಲಿದೆ. ಸಮಾರಂಭಕ್ಕೆ ಹಲವು ಗಣ್ಯರು ಆಗಮಿಸಲಿದ್ದಾರೆ ಎಂದು ಸಂಘಟಕರು ತಿಳಿಸಿದ್ದಾರೆ. ನೂತನ ಪದಾಧಿಕಾರಿಗಳ ಪ್ರಮಾಣ ವಚನ ಸ್ವೀಕಾರ ಸಮಾರಂಭ ನಾಳೆ ನಡೆಯಲಿದೆ. ಸಮಾರಂಭಕ್ಕೆ ಹಲವು ಗಣ್ಯರು ಆಗಮಿಸಲಿದ್ದಾರೆ ಎಂದು ಸಂಘಟಕರು ತಿಳಿಸಿದ್ದಾರೆ.
ಮಗಳು ಆತ್ಮಹತ್ಯೆ
ಪರೀಕ್ಷೆಯ ಒತ್ತಡದಿಂದ ಬಾಲಕಿ ಮನೆಯಲ್ಲಿ ನೇಣು ಬಿಗಿದುಕೊಂಡು ಆತ್ಮಹತ್ಯೆ ಮಾಡಿಕೊಂಡಿರುವ ಘಟನೆ ನಡೆದಿದೆ. ಮೃತ ಬಾಲಕಿಯ ಮನೆಯಲ್ಲಿ ಸೂತಕದ ಛಾಯೆ ಆವರಿಸಿದೆ. ಪೊಲೀಸ್ ಠಾಣೆಯಲ್ಲಿ ಪ್ರಕರಣ ದಾಖಲಾಗಿದೆ. ಪರೀಕ್ಷೆಯ ಒತ್ತಡದಿಂದ ಬಾಲಕಿ ಮನೆಯಲ್ಲಿ ನೇಣು ಬಿಗಿದುಕೊಂಡು ಆತ್ಮಹತ್ಯೆ ಮಾಡಿಕೊಂಡಿರುವ ಘಟನೆ ನಡೆದಿದೆ. ಮೃತ ಬಾಲಕಿಯ ಮನೆಯಲ್ಲಿ ಸೂತಕದ ಛಾಯೆ ಆವರಿಸಿದೆ. ಪೊಲೀಸ್ ಠಾಣೆಯಲ್ಲಿ ಪ್ರಕರಣ ದಾಖಲಾಗಿದೆ.
3 ದಿನ ಭೇಟಿಗಾಗಿ
ಫ್ರಾನ್ಸ್ ಅಧ್ಯಕ್ಷ
ಮ್ಯಾಕ್ರನ್ ಮುಂಬೈಗೆ
ನವದೆಹಲಿ, ಫೆ.16 - ಫ್ರಾನ್ಸ್ ಅಧ್ಯಕ್ಷ ಎಮ್ಯಾನುಯೆಲ್ ಮ್ಯಾಕ್ರನ್ ಅವರು ಮೂರು ದಿನಗಳ ಭಾರತ ಭೇಟಿಗಾಗಿ ಇಂದು ಮುಂಬೈಗೆ ಆಗಮಿಸಲಿದ್ದಾರೆ. ಉಭಯ ದೇಶಗಳ ನಡುವಿನ ರಕ್ಷಣಾ ಹಾಗೂ ವಾಣಿಜ್ಯ ಸಂಬಂಧ ವೃದ್ಧಿ ಕುರಿತು ಮಹತ್ವದ ಚರ್ಚೆ ನಡೆಯಲಿದೆ. 2028ರ ವೇಳೆಗೆ ದ್ವಿಪಕ್ಷೀಯ ವಹಿವಾಟನ್ನು ದುಪ್ಪಟ್ಟುಗೊಳಿಸುವ ಗುರಿ ಹೊಂದಲಾಗಿದೆ. ಭೇಟಿಯ ವೇಳೆ 2047ರ ವಿಕಸಿತ ಭಾರತ ಯೋಜನೆಗಳ ಕುರಿತೂ ಚರ್ಚೆ ನಡೆಯಲಿದೆ ಎಂದು ಮೂಲಗಳು ತಿಳಿಸಿವೆ. ಫ್ರಾನ್ಸ್ ಅಧ್ಯಕ್ಷ ಎಮ್ಯಾನುಯೆಲ್ ಮ್ಯಾಕ್ರನ್ ಅವರು ಮೂರು ದಿನಗಳ ಭಾರತ ಭೇಟಿಗಾಗಿ ಇಂದು ಮುಂಬೈಗೆ ಆಗಮಿಸಲಿದ್ದಾರೆ. ಉಭಯ ದೇಶಗಳ ನಡುವಿನ ರಕ್ಷಣಾ ಹಾಗೂ ವಾಣಿಜ್ಯ ಸಂಬಂಧ ವೃದ್ಧಿ ಕುರಿತು ಮಹತ್ವದ ಚರ್ಚೆ ನಡೆಯಲಿದೆ. 2028ರ ವೇಳೆಗೆ ದ್ವಿಪಕ್ಷೀಯ ವಹಿವಾಟನ್ನು ದುಪ್ಪಟ್ಟುಗೊಳಿಸುವ ಗುರಿ ಹೊಂದಲಾಗಿದೆ. ಭೇಟಿಯ ವೇಳೆ 2047ರ ವಿಕಸಿತ ಭಾರತ ಯೋಜನೆಗಳ ಕುರಿತೂ ಚರ್ಚೆ ನಡೆಯಲಿದೆ ಎಂದು ಮೂಲಗಳು ತಿಳಿಸಿವೆ. ಫ್ರಾನ್ಸ್ ಅಧ್ಯಕ್ಷ ಎಮ್ಯಾನುಯೆಲ್ ಮ್ಯಾಕ್ರನ್ ಅವರು ಮೂರು ದಿನಗಳ ಭಾರತ ಭೇಟಿಗಾಗಿ ಇಂದು ಮುಂಬೈಗೆ ಆಗಮಿಸಲಿದ್ದಾರೆ. ಉಭಯ ದೇಶಗಳ ನಡುವಿನ ರಕ್ಷಣಾ ಹಾಗೂ ವಾಣಿಜ್ಯ ಸಂಬಂಧ ವೃದ್ಧಿ ಕುರಿತು ಮಹತ್ವದ ಚರ್ಚೆ ನಡೆಯಲಿದೆ. 2028ರ ವೇಳೆಗೆ ದ್ವಿಪಕ್ಷೀಯ ವಹಿವಾಟನ್ನು ದುಪ್ಪಟ್ಟುಗೊಳಿಸುವ ಗುರಿ ಹೊಂದಲಾಗಿದೆ. ಭೇಟಿಯ ವೇಳೆ 2047ರ ವಿಕಸಿತ ಭಾರತ ಯೋಜನೆಗಳ ಕುರಿತೂ ಚರ್ಚೆ ನಡೆಯಲಿದೆ ಎಂದು ಮೂಲಗಳು ತಿಳಿಸಿವೆ.
ಇಲ್ಲಿನ ಸಮೀಪದ ಗುರುಸಾರ ಜಾಗದ ಶ್ರೀ ಮಂಜುನಾಥ ಸ್ವಾಮಿ ದೇವಾಲಯದಲ್ಲಿ ಹಮ್ಮಿಕೊಂಡಿದ್ದ 3ನೇ ವರ್ಷದ ಬ್ರಹ್ಮ ರಥೋತ್ಸವದ ದೃಶ್ಯ.
ರಥೋತ್ಸವದ ಅಂಗವಾಗಿ ಗ್ರಾಮದಲ್ಲಿ ವಿವಿಧ ಧಾರ್ಮಿಕ ಕಾರ್ಯಕ್ರಮಗಳು ನಡೆದವು. ಅನ್ನ ಸಂತರ್ಪಣೆ ಏರ್ಪಡಿಸಲಾಗಿತ್ತು. ಭಕ್ತರ ಅನುಕೂಲಕ್ಕಾಗಿ ವಿಶೇಷ ವ್ಯವಸ್ಥೆ ಮಾಡಲಾಗಿತ್ತು. ರಥೋತ್ಸವದ ಅಂಗವಾಗಿ ಗ್ರಾಮದಲ್ಲಿ ವಿವಿಧ ಧಾರ್ಮಿಕ ಕಾರ್ಯಕ್ರಮಗಳು ನಡೆದವು. ಅನ್ನ ಸಂತರ್ಪಣೆ ಏರ್ಪಡಿಸಲಾಗಿತ್ತು. ಭಕ್ತರ ಅನುಕೂಲಕ್ಕಾಗಿ ವಿಶೇಷ ವ್ಯವಸ್ಥೆ ಮಾಡಲಾಗಿತ್ತು. ರಥೋತ್ಸವದ ಅಂಗವಾಗಿ ಗ್ರಾಮದಲ್ಲಿ ವಿವಿಧ ಧಾರ್ಮಿಕ ಕಾರ್ಯಕ್ರಮಗಳು ನಡೆದವು. ಅನ್ನ ಸಂತರ್ಪಣೆ ಏರ್ಪಡಿಸಲಾಗಿತ್ತು. ಭಕ್ತರ ಅನುಕೂಲಕ್ಕಾಗಿ ವಿಶೇಷ ವ್ಯವಸ್ಥೆ ಮಾಡಲಾಗಿತ್ತು. ರಥೋತ್ಸವದ ಅಂಗವಾಗಿ ಗ್ರಾಮದಲ್ಲಿ ವಿವಿಧ ಧಾರ್ಮಿಕ ಕಾರ್ಯಕ್ರಮಗಳು ನಡೆದವು. ಅನ್ನ ಸಂತರ್ಪಣೆ ಏರ್ಪಡಿಸಲಾಗಿತ್ತು. ಭಕ್ತರ ಅನುಕೂಲಕ್ಕಾಗಿ ವಿಶೇಷ ವ್ಯವಸ್ಥೆ ಮಾಡಲಾಗಿತ್ತು.
ಮಂಜುನಾಥ ಸ್ವಾಮಿಯ
ಅದ್ದೂರಿ ಬ್ರಹ್ಮ ರಥೋತ್ಸವ
ಹೊಸಕೋಟೆ, ಫೆ.16 - ಪಟ್ಟಣ ಸಮೀಪದ ಗ್ರಾಮದ ಶ್ರೀ ಮಂಜುನಾಥ ಸ್ವಾಮಿಯ ಬ್ರಹ್ಮ ರಥೋತ್ಸವ ಅದ್ದೂರಿಯಾಗಿ ನೆರವೇರಿತು. ಸಾವಿರಾರು ಭಕ್ತರು ಪಾಲ್ಗೊಂಡು ರಥ ಎಳೆದರು. ವಿಶೇಷ ಪೂಜೆ ಹಾಗೂ ಅಭಿಷೇಕ ನಡೆಯಿತು. ಭಕ್ತರು ಹೂವು, ಹಣ್ಣು ಎಸೆದು ಭಕ್ತಿ ಸಮರ್ಪಿಸಿದರು. ಪಟ್ಟಣ ಸಮೀಪದ ಗ್ರಾಮದ ಶ್ರೀ ಮಂಜುನಾಥ ಸ್ವಾಮಿಯ ಬ್ರಹ್ಮ ರಥೋತ್ಸವ ಅದ್ದೂರಿಯಾಗಿ ನೆರವೇರಿತು. ಸಾವಿರಾರು ಭಕ್ತರು ಪಾಲ್ಗೊಂಡು ರಥ ಎಳೆದರು. ವಿಶೇಷ ಪೂಜೆ ಹಾಗೂ ಅಭಿಷೇಕ ನಡೆಯಿತು. ಭಕ್ತರು ಹೂವು, ಹಣ್ಣು ಎಸೆದು ಭಕ್ತಿ ಸಮರ್ಪಿಸಿದರು. ಪಟ್ಟಣ ಸಮೀಪದ ಗ್ರಾಮದ ಶ್ರೀ ಮಂಜುನಾಥ ಸ್ವಾಮಿಯ ಬ್ರಹ್ಮ ರಥೋತ್ಸವ ಅದ್ದೂರಿಯಾಗಿ ನೆರವೇರಿತು. ಸಾವಿರಾರು ಭಕ್ತರು ಪಾಲ್ಗೊಂಡು ರಥ ಎಳೆದರು. ವಿಶೇಷ ಪೂಜೆ ಹಾಗೂ ಅಭಿಷೇಕ ನಡೆಯಿತು. ಭಕ್ತರು ಹೂವು, ಹಣ್ಣು ಎಸೆದು ಭಕ್ತಿ ಸಮರ್ಪಿಸಿದರು. ಪಟ್ಟಣ ಸಮೀಪದ ಗ್ರಾಮದ ಶ್ರೀ ಮಂಜುನಾಥ ಸ್ವಾಮಿಯ ಬ್ರಹ್ಮ ರಥೋತ್ಸವ ಅದ್ದೂರಿಯಾಗಿ ನೆರವೇರಿತು. ಸಾವಿರಾರು ಭಕ್ತರು ಪಾಲ್ಗೊಂಡು ರಥ ಎಳೆದರು. ವಿಶೇಷ ಪೂಜೆ ಹಾಗೂ ಅಭಿಷೇಕ ನಡೆಯಿತು. ಭಕ್ತರು ಹೂವು, ಹಣ್ಣು ಎಸೆದು ಭಕ್ತಿ ಸಮರ್ಪಿಸಿದರು.
ಭೂಕಬಳಿಕೆ ನ್ಯಾಯಾಂಗ ತನಿಖೆಗೆ ಗ್ರಾಮಸ್ಥರ ಆಗ್ರಹ
ವಿಜಯಪುರ, ಫೆ.16 - ವರ್ತನಹಳ್ಳಿ ಹಾಗೂ ಮಲ್ಲೇನಹಳ್ಳಿ ಗ್ರಾಮಗಳ ಸರ್ಕಾರಿ ಭೂಮಿ ಕಬಳಿಕೆ ಪ್ರಕರಣದ ಬಗ್ಗೆ ನ್ಯಾಯಾಂಗ ತನಿಖೆ ನಡೆಸಬೇಕು ಎಂದು ಗ್ರಾಮಸ್ಥರು ಆಗ್ರಹಿಸಿದ್ದಾರೆ. ಪಟ್ಟಣದ ಪ್ರಜಾಮಂದಿರದಲ್ಲಿ ಸುದ್ದಿಗೋಷ್ಠಿ ನಡೆಸಿದ ಅವರು, ನೂರಾರು ಎಕರೆ ಭೂಮಿ ಅಕ್ರಮವಾಗಿ ಕಬಳಿಕೆಯಾಗಿದೆ ಎಂದು ದೂರಿದರು. 1972 ರಲ್ಲಿ ಮಂಜೂರಾದ ಭೂಮಿಯನ್ನು ನಕಲಿ ದಾಖಲೆ ಸೃಷ್ಟಿಸಿ ಮಾರಾಟ ಮಾಡಲಾಗಿದೆ ಎಂದು ಆರೋಪಿಸಿದರು. ಸ.ನಂ.37 ರಲ್ಲಿ ಒಟ್ಟು 50 ಎಕರೆ ಭೂಮಿ ಇದ್ದು, ಬಹುಪಾಲು ಒತ್ತುವರಿಯಾಗಿದೆ ಎಂದು ದೂರಿದರು. ವರ್ತನಹಳ್ಳಿ ಹಾಗೂ ಮಲ್ಲೇನಹಳ್ಳಿ ಗ್ರಾಮಗಳ ಸರ್ಕಾರಿ ಭೂಮಿ ಕಬಳಿಕೆ ಪ್ರಕರಣದ ಬಗ್ಗೆ ನ್ಯಾಯಾಂಗ ತನಿಖೆ ನಡೆಸಬೇಕು ಎಂದು ಗ್ರಾಮಸ್ಥರು ಆಗ್ರಹಿಸಿದ್ದಾರೆ. ಪಟ್ಟಣದ ಪ್ರಜಾಮಂದಿರದಲ್ಲಿ ಸುದ್ದಿಗೋಷ್ಠಿ ನಡೆಸಿದ ಅವರು, ನೂರಾರು ಎಕರೆ ಭೂಮಿ ಅಕ್ರಮವಾಗಿ ಕಬಳಿಕೆಯಾಗಿದೆ ಎಂದು ದೂರಿದರು. 1972 ರಲ್ಲಿ ಮಂಜೂರಾದ ಭೂಮಿಯನ್ನು ನಕಲಿ ದಾಖಲೆ ಸೃಷ್ಟಿಸಿ ಮಾರಾಟ ಮಾಡಲಾಗಿದೆ ಎಂದು ಆರೋಪಿಸಿದರು. ಸ.ನಂ.37 ರಲ್ಲಿ ಒಟ್ಟು 50 ಎಕರೆ ಭೂಮಿ ಇದ್ದು, ಬಹುಪಾಲು ಒತ್ತುವರಿಯಾಗಿದೆ ಎಂದು ದೂರಿದರು. ವರ್ತನಹಳ್ಳಿ ಹಾಗೂ ಮಲ್ಲೇನಹಳ್ಳಿ ಗ್ರಾಮಗಳ ಸರ್ಕಾರಿ ಭೂಮಿ ಕಬಳಿಕೆ ಪ್ರಕರಣದ ಬಗ್ಗೆ ನ್ಯಾಯಾಂಗ ತನಿಖೆ ನಡೆಸಬೇಕು ಎಂದು ಗ್ರಾಮಸ್ಥರು ಆಗ್ರಹಿಸಿದ್ದಾರೆ. ಪಟ್ಟಣದ ಪ್ರಜಾಮಂದಿರದಲ್ಲಿ ಸುದ್ದಿಗೋಷ್ಠಿ ನಡೆಸಿದ ಅವರು, ನೂರಾರು ಎಕರೆ ಭೂಮಿ ಅಕ್ರಮವಾಗಿ ಕಬಳಿಕೆಯಾಗಿದೆ ಎಂದು ದೂರಿದರು. 1972 ರಲ್ಲಿ ಮಂಜೂರಾದ ಭೂಮಿಯನ್ನು ನಕಲಿ ದಾಖಲೆ ಸೃಷ್ಟಿಸಿ ಮಾರಾಟ ಮಾಡಲಾಗಿದೆ ಎಂದು ಆರೋಪಿಸಿದರು. ಸ.ನಂ.37 ರಲ್ಲಿ ಒಟ್ಟು 50 ಎಕರೆ ಭೂಮಿ ಇದ್ದು, ಬಹುಪಾಲು ಒತ್ತುವರಿಯಾಗಿದೆ ಎಂದು ದೂರಿದರು. ವರ್ತನಹಳ್ಳಿ ಹಾಗೂ ಮಲ್ಲೇನಹಳ್ಳಿ ಗ್ರಾಮಗಳ ಸರ್ಕಾರಿ ಭೂಮಿ ಕಬಳಿಕೆ ಪ್ರಕರಣದ ಬಗ್ಗೆ ನ್ಯಾಯಾಂಗ ತನಿಖೆ ನಡೆಸಬೇಕು ಎಂದು ಗ್ರಾಮಸ್ಥರು ಆಗ್ರಹಿಸಿದ್ದಾರೆ. ಪಟ್ಟಣದ ಪ್ರಜಾಮಂದಿರದಲ್ಲಿ ಸುದ್ದಿಗೋಷ್ಠಿ ನಡೆಸಿದ ಅವರು, ನೂರಾರು ಎಕರೆ ಭೂಮಿ ಅಕ್ರಮವಾಗಿ ಕಬಳಿಕೆಯಾಗಿದೆ ಎಂದು ದೂರಿದರು. 1972 ರಲ್ಲಿ ಮಂಜೂರಾದ ಭೂಮಿಯನ್ನು ನಕಲಿ ದಾಖಲೆ ಸೃಷ್ಟಿಸಿ ಮಾರಾಟ ಮಾಡಲಾಗಿದೆ ಎಂದು ಆರೋಪಿಸಿದರು. ಸ.ನಂ.37 ರಲ್ಲಿ ಒಟ್ಟು 50 ಎಕರೆ ಭೂಮಿ ಇದ್ದು, ಬಹುಪಾಲು ಒತ್ತುವರಿಯಾಗಿದೆ ಎಂದು ದೂರಿದರು. ವರ್ತನಹಳ್ಳಿ ಹಾಗೂ ಮಲ್ಲೇನಹಳ್ಳಿ ಗ್ರಾಮಗಳ ಸರ್ಕಾರಿ ಭೂಮಿ ಕಬಳಿಕೆ ಪ್ರಕರಣದ ಬಗ್ಗೆ ನ್ಯಾಯಾಂಗ ತನಿಖೆ ನಡೆಸಬೇಕು ಎಂದು ಗ್ರಾಮಸ್ಥರು ಆಗ್ರಹಿಸಿದ್ದಾರೆ. ಪಟ್ಟಣದ ಪ್ರಜಾಮಂದಿರದಲ್ಲಿ ಸುದ್ದಿಗೋಷ್ಠಿ ನಡೆಸಿದ ಅವರು, ನೂರಾರು ಎಕರೆ ಭೂಮಿ ಅಕ್ರಮವಾಗಿ ಕಬಳಿಕೆಯಾಗಿದೆ ಎಂದು ದೂರಿದರು. 1972 ರಲ್ಲಿ ಮಂಜೂರಾದ ಭೂಮಿಯನ್ನು ನಕಲಿ ದಾಖಲೆ ಸೃಷ್ಟಿಸಿ ಮಾರಾಟ ಮಾಡಲಾಗಿದೆ ಎಂದು ಆರೋಪಿಸಿದರು. ಸ.ನಂ.37 ರಲ್ಲಿ ಒಟ್ಟು 50 ಎಕರೆ ಭೂಮಿ ಇದ್ದು, ಬಹುಪಾಲು ಒತ್ತುವರಿಯಾಗಿದೆ ಎಂದು ದೂರಿದರು.
ತಹಶೀಲ್ದಾರರಿಗೆ ಹಲವು ಬಾರಿ ಮನವಿ ಸಲ್ಲಿಸಿದರೂ ಯಾವುದೇ ಕ್ರಮ ಕೈಗೊಂಡಿಲ್ಲ ಎಂದು ಅಸಮಾಧಾನ ವ್ಯಕ್ತಪಡಿಸಿದರು. ಹೋರಾಟ ಮುಂದುವರಿಸುವುದಾಗಿ ಎಚ್ಚರಿಕೆ ನೀಡಿದರು. ತಹಶೀಲ್ದಾರರಿಗೆ ಹಲವು ಬಾರಿ ಮನವಿ ಸಲ್ಲಿಸಿದರೂ ಯಾವುದೇ ಕ್ರಮ ಕೈಗೊಂಡಿಲ್ಲ ಎಂದು ಅಸಮಾಧಾನ ವ್ಯಕ್ತಪಡಿಸಿದರು. ಹೋರಾಟ ಮುಂದುವರಿಸುವುದಾಗಿ ಎಚ್ಚರಿಕೆ ನೀಡಿದರು.
ವಿಜಯಪುರ ಪಟ್ಟಣದ ಪ್ರಜಾಮಂದಿರದಲ್ಲಿ ಆಯೋಜಿಸಿದ್ದ ಸುದ್ದಿಗೋಷ್ಠಿಯಲ್ಲಿ ಅಗಸನಹಳ್ಳಿ-ಮಲ್ಲೇನಹಳ್ಳಿ ಗ್ರಾಮಸ್ಥರು ಹಾಗೂ ಹೋರಾಟಗಾರರು ಇದ್ದರು.
ಭೂಮಿ ಕಳೆದುಕೊಂಡ ರೈತ ಕುಟುಂಬಗಳಿಗೆ ನ್ಯಾಯ ಒದಗಿಸಬೇಕು ಎಂದು ಒತ್ತಾಯಿಸಿದರು. ಸುದ್ದಿಗೋಷ್ಠಿಯಲ್ಲಿ ಗ್ರಾಮಸ್ಥರು ಹಾಗೂ ಹೋರಾಟಗಾರರು ಭಾಗವಹಿಸಿದ್ದರು. ಭೂಮಿ ಕಳೆದುಕೊಂಡ ರೈತ ಕುಟುಂಬಗಳಿಗೆ ನ್ಯಾಯ ಒದಗಿಸಬೇಕು ಎಂದು ಒತ್ತಾಯಿಸಿದರು. ಸುದ್ದಿಗೋಷ್ಠಿಯಲ್ಲಿ ಗ್ರಾಮಸ್ಥರು ಹಾಗೂ ಹೋರಾಟಗಾರರು ಭಾಗವಹಿಸಿದ್ದರು.
